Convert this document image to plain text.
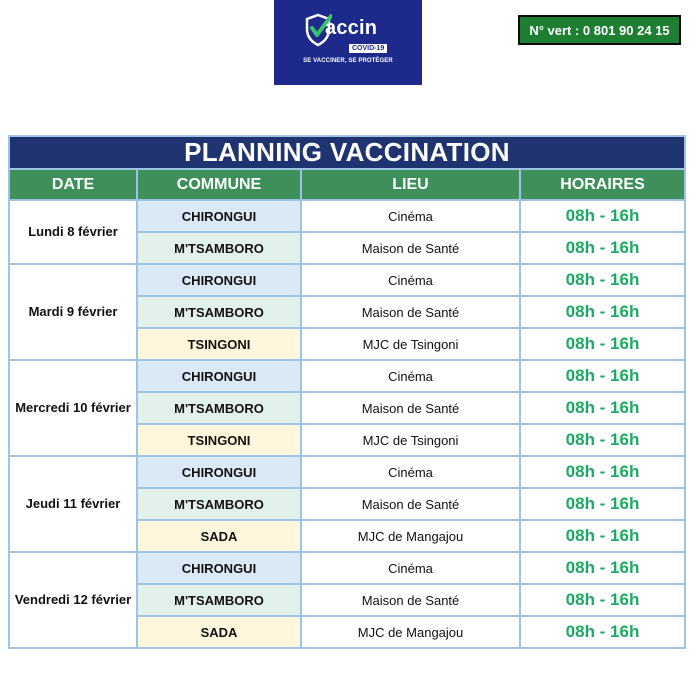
accin
COVID-19
SE VACCINER, SE PROTÉGER
N° vert : 0 801 90 24 15
PLANNING VACCINATION			
DATE	COMMUNE	LIEU	HORAIRES
Lundi 8 février	CHIRONGUI	Cinéma	08h - 16h
	M'TSAMBORO	Maison de Santé	08h - 16h
Mardi 9 février	CHIRONGUI	Cinéma	08h - 16h
	M'TSAMBORO	Maison de Santé	08h - 16h
	TSINGONI	MJC de Tsingoni	08h - 16h
Mercredi 10 février	CHIRONGUI	Cinéma	08h - 16h
	M'TSAMBORO	Maison de Santé	08h - 16h
	TSINGONI	MJC de Tsingoni	08h - 16h
Jeudi 11 février	CHIRONGUI	Cinéma	08h - 16h
	M'TSAMBORO	Maison de Santé	08h - 16h
	SADA	MJC de Mangajou	08h - 16h
Vendredi 12 février	CHIRONGUI	Cinéma	08h - 16h
	M'TSAMBORO	Maison de Santé	08h - 16h
	SADA	MJC de Mangajou	08h - 16h
